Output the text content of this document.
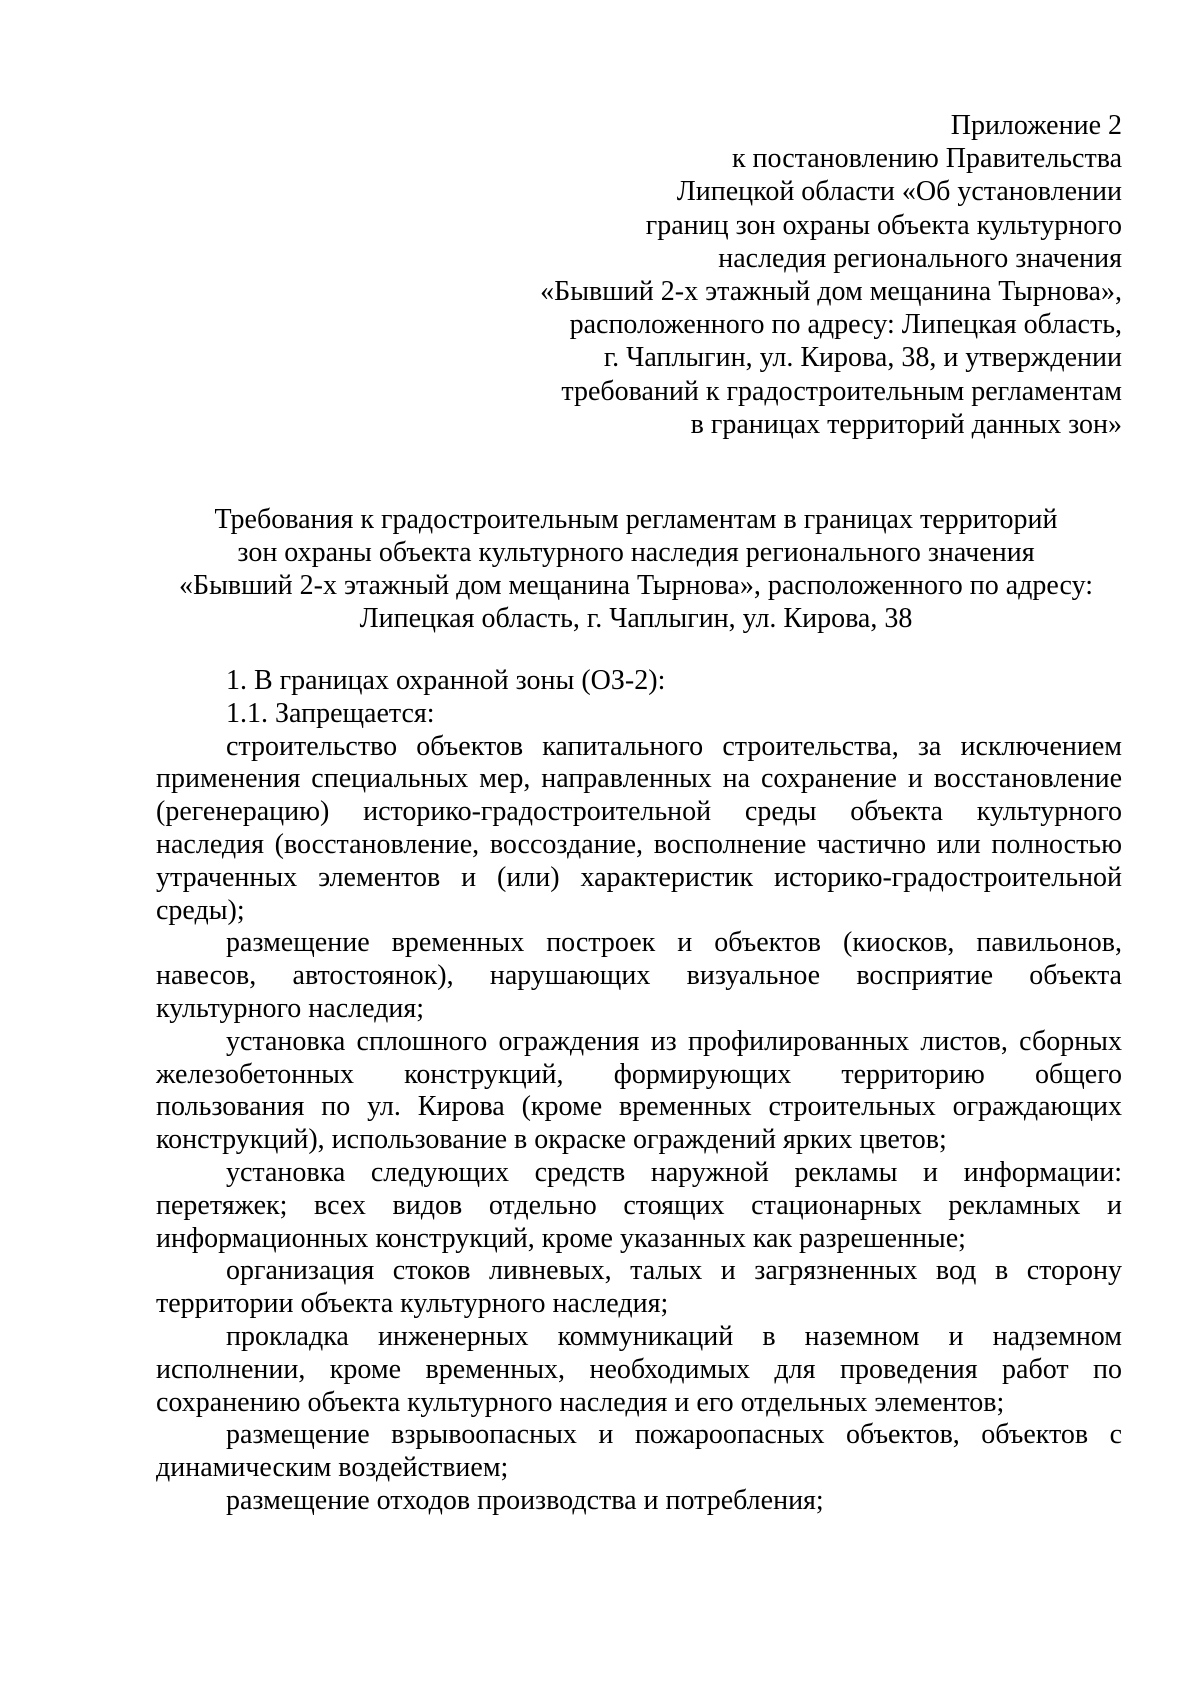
Приложение 2
к постановлению Правительства
Липецкой области «Об установлении
границ зон охраны объекта культурного
наследия регионального значения
«Бывший 2-х этажный дом мещанина Тырнова»,
расположенного по адресу: Липецкая область,
г. Чаплыгин, ул. Кирова, 38, и утверждении
требований к градостроительным регламентам
в границах территорий данных зон»
Требования к градостроительным регламентам в границах территорий
зон охраны объекта культурного наследия регионального значения
«Бывший 2-х этажный дом мещанина Тырнова», расположенного по адресу:
Липецкая область, г. Чаплыгин, ул. Кирова, 38
1. В границах охранной зоны (ОЗ-2):
1.1. Запрещается:
строительство объектов капитального строительства, за исключением
применения специальных мер, направленных на сохранение и восстановление
(регенерацию) историко-градостроительной среды объекта культурного
наследия (восстановление, воссоздание, восполнение частично или полностью
утраченных элементов и (или) характеристик историко-градостроительной
среды);
размещение временных построек и объектов (киосков, павильонов,
навесов, автостоянок), нарушающих визуальное восприятие объекта
культурного наследия;
установка сплошного ограждения из профилированных листов, сборных
железобетонных конструкций, формирующих территорию общего
пользования по ул. Кирова (кроме временных строительных ограждающих
конструкций), использование в окраске ограждений ярких цветов;
установка следующих средств наружной рекламы и информации:
перетяжек; всех видов отдельно стоящих стационарных рекламных и
информационных конструкций, кроме указанных как разрешенные;
организация стоков ливневых, талых и загрязненных вод в сторону
территории объекта культурного наследия;
прокладка инженерных коммуникаций в наземном и надземном
исполнении, кроме временных, необходимых для проведения работ по
сохранению объекта культурного наследия и его отдельных элементов;
размещение взрывоопасных и пожароопасных объектов, объектов с
динамическим воздействием;
размещение отходов производства и потребления;
